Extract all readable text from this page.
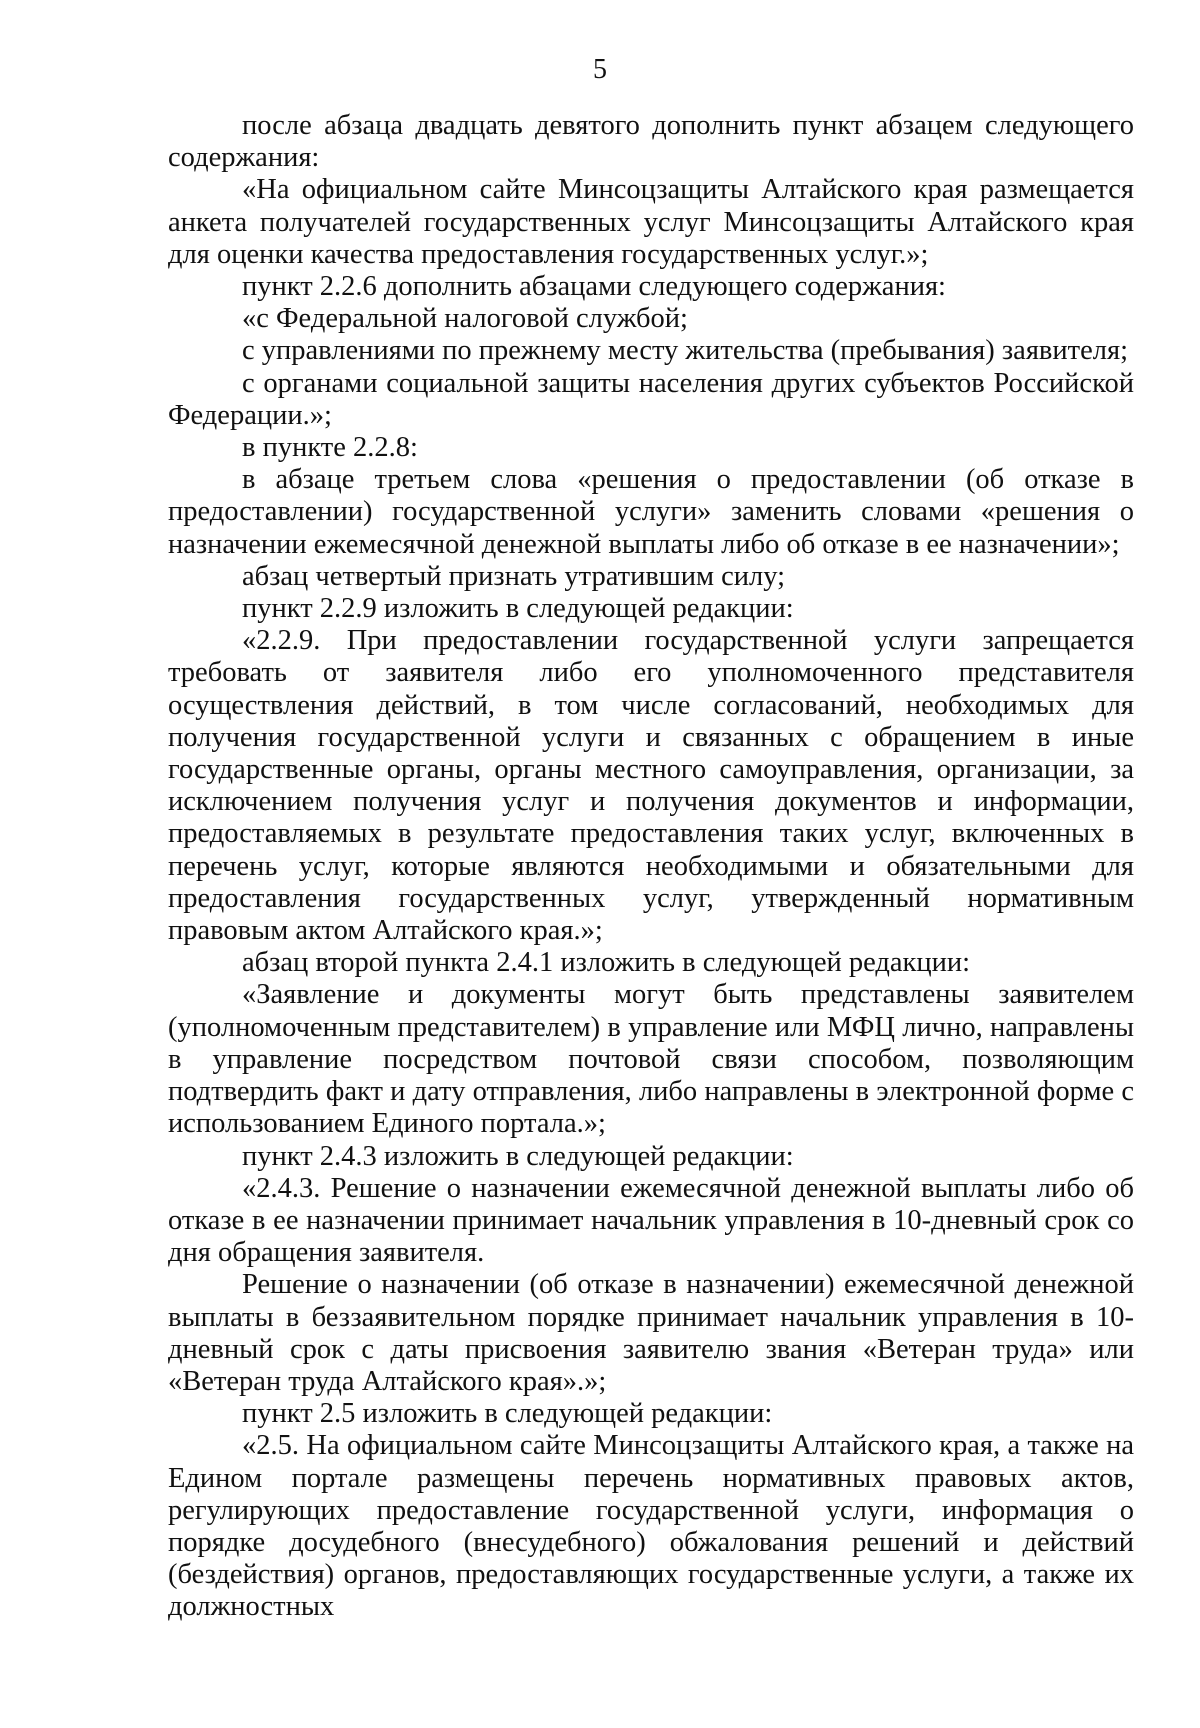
5

после абзаца двадцать девятого дополнить пункт абзацем следующего содержания:

«На официальном сайте Минсоцзащиты Алтайского края размещается анкета получателей государственных услуг Минсоцзащиты Алтайского края для оценки качества предоставления государственных услуг.»;

пункт 2.2.6 дополнить абзацами следующего содержания:

«с Федеральной налоговой службой;

с управлениями по прежнему месту жительства (пребывания) заявителя;

с органами социальной защиты населения других субъектов Российской Федерации.»;

в пункте 2.2.8:

в абзаце третьем слова «решения о предоставлении (об отказе в предоставлении) государственной услуги» заменить словами «решения о назначении ежемесячной денежной выплаты либо об отказе в ее назначении»;

абзац четвертый признать утратившим силу;

пункт 2.2.9 изложить в следующей редакции:

«2.2.9. При предоставлении государственной услуги запрещается требовать от заявителя либо его уполномоченного представителя осуществления действий, в том числе согласований, необходимых для получения государственной услуги и связанных с обращением в иные государственные органы, органы местного самоуправления, организации, за исключением получения услуг и получения документов и информации, предоставляемых в результате предоставления таких услуг, включенных в перечень услуг, которые являются необходимыми и обязательными для предоставления государственных услуг, утвержденный нормативным правовым актом Алтайского края.»;

абзац второй пункта 2.4.1 изложить в следующей редакции:

«Заявление и документы могут быть представлены заявителем (уполномоченным представителем) в управление или МФЦ лично, направлены в управление посредством почтовой связи способом, позволяющим подтвердить факт и дату отправления, либо направлены в электронной форме с использованием Единого портала.»;

пункт 2.4.3 изложить в следующей редакции:

«2.4.3. Решение о назначении ежемесячной денежной выплаты либо об отказе в ее назначении принимает начальник управления в 10-дневный срок со дня обращения заявителя.

Решение о назначении (об отказе в назначении) ежемесячной денежной выплаты в беззаявительном порядке принимает начальник управления в 10-дневный срок с даты присвоения заявителю звания «Ветеран труда» или «Ветеран труда Алтайского края».»;

пункт 2.5 изложить в следующей редакции:

«2.5. На официальном сайте Минсоцзащиты Алтайского края, а также на Едином портале размещены перечень нормативных правовых актов, регулирующих предоставление государственной услуги, информация о порядке досудебного (внесудебного) обжалования решений и действий (бездействия) органов, предоставляющих государственные услуги, а также их должностных
